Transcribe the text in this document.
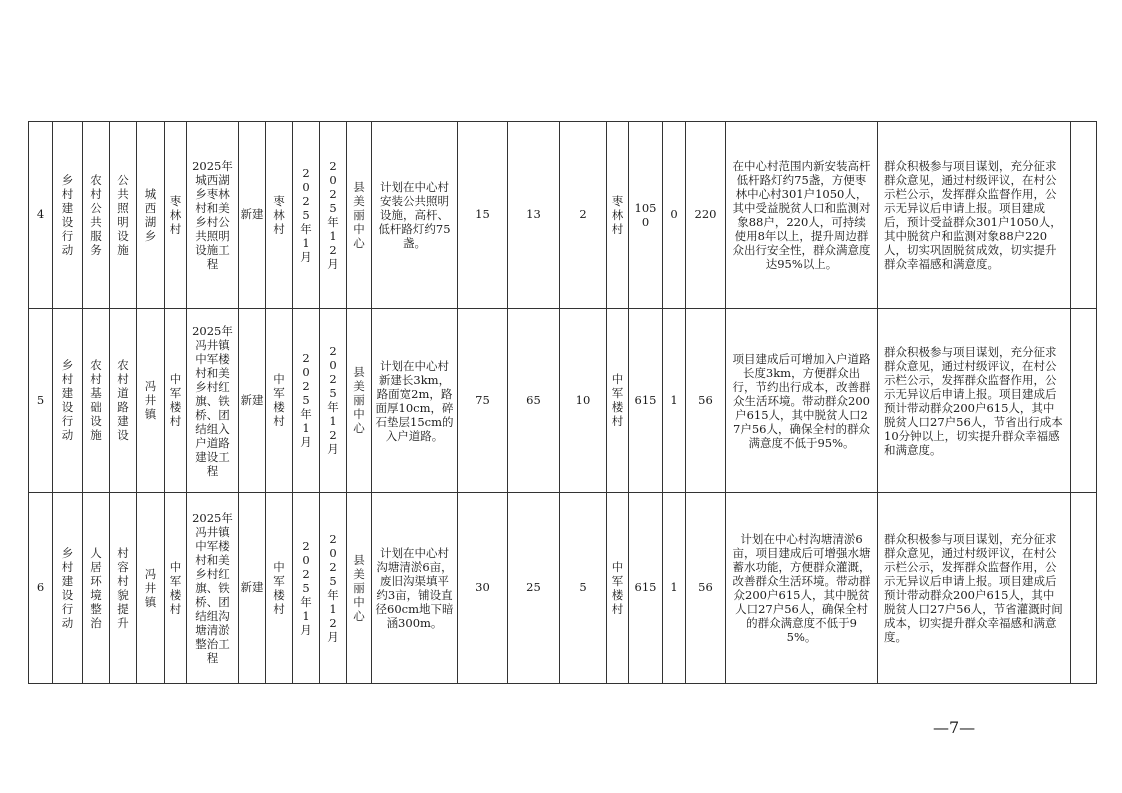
4	乡村建设行动	农村公共服务	公共照明设施	城西湖乡	枣林村	2025年城西湖乡枣林村和美乡村公共照明设施工程	新建	枣林村	2025年1月	2025年12月	县美丽中心	计划在中心村安装公共照明设施，高杆、低杆路灯约75盏。	15	13	2	枣林村	1050	0	220	在中心村范围内新安装高杆低杆路灯约75盏，方便枣林中心村301户1050人，其中受益脱贫人口和监测对象88户，220人，可持续使用8年以上，提升周边群众出行安全性，群众满意度达95%以上。	群众积极参与项目谋划，充分征求群众意见，通过村级评议，在村公示栏公示，发挥群众监督作用，公示无异议后申请上报。项目建成后，预计受益群众301户1050人，其中脱贫户和监测对象88户220人，切实巩固脱贫成效，切实提升群众幸福感和满意度。	

5	乡村建设行动	农村基础设施	农村道路建设	冯井镇	中军楼村	2025年冯井镇中军楼村和美乡村红旗、铁桥、团结组入户道路建设工程	新建	中军楼村	2025年1月	2025年12月	县美丽中心	计划在中心村新建长3km，路面宽2m，路面厚10cm，碎石垫层15cm的入户道路。	75	65	10	中军楼村	615	1	56	项目建成后可增加入户道路长度3km，方便群众出行，节约出行成本，改善群众生活环境。带动群众200户615人，其中脱贫人口27户56人，确保全村的群众满意度不低于95%。	群众积极参与项目谋划，充分征求群众意见，通过村级评议，在村公示栏公示，发挥群众监督作用，公示无异议后申请上报。项目建成后预计带动群众200户615人，其中脱贫人口27户56人，节省出行成本10分钟以上，切实提升群众幸福感和满意度。	

6	乡村建设行动	人居环境整治	村容村貌提升	冯井镇	中军楼村	2025年冯井镇中军楼村和美乡村红旗、铁桥、团结组沟塘清淤整治工程	新建	中军楼村	2025年1月	2025年12月	县美丽中心	计划在中心村沟塘清淤6亩，废旧沟渠填平约3亩，铺设直径60cm地下暗涵300m。	30	25	5	中军楼村	615	1	56	计划在中心村沟塘清淤6亩，项目建成后可增强水塘蓄水功能，方便群众灌溉，改善群众生活环境。带动群众200户615人，其中脱贫人口27户56人，确保全村的群众满意度不低于95%。	群众积极参与项目谋划，充分征求群众意见，通过村级评议，在村公示栏公示，发挥群众监督作用，公示无异议后申请上报。项目建成后预计带动群众200户615人，其中脱贫人口27户56人，节省灌溉时间成本，切实提升群众幸福感和满意度。	

—7—
